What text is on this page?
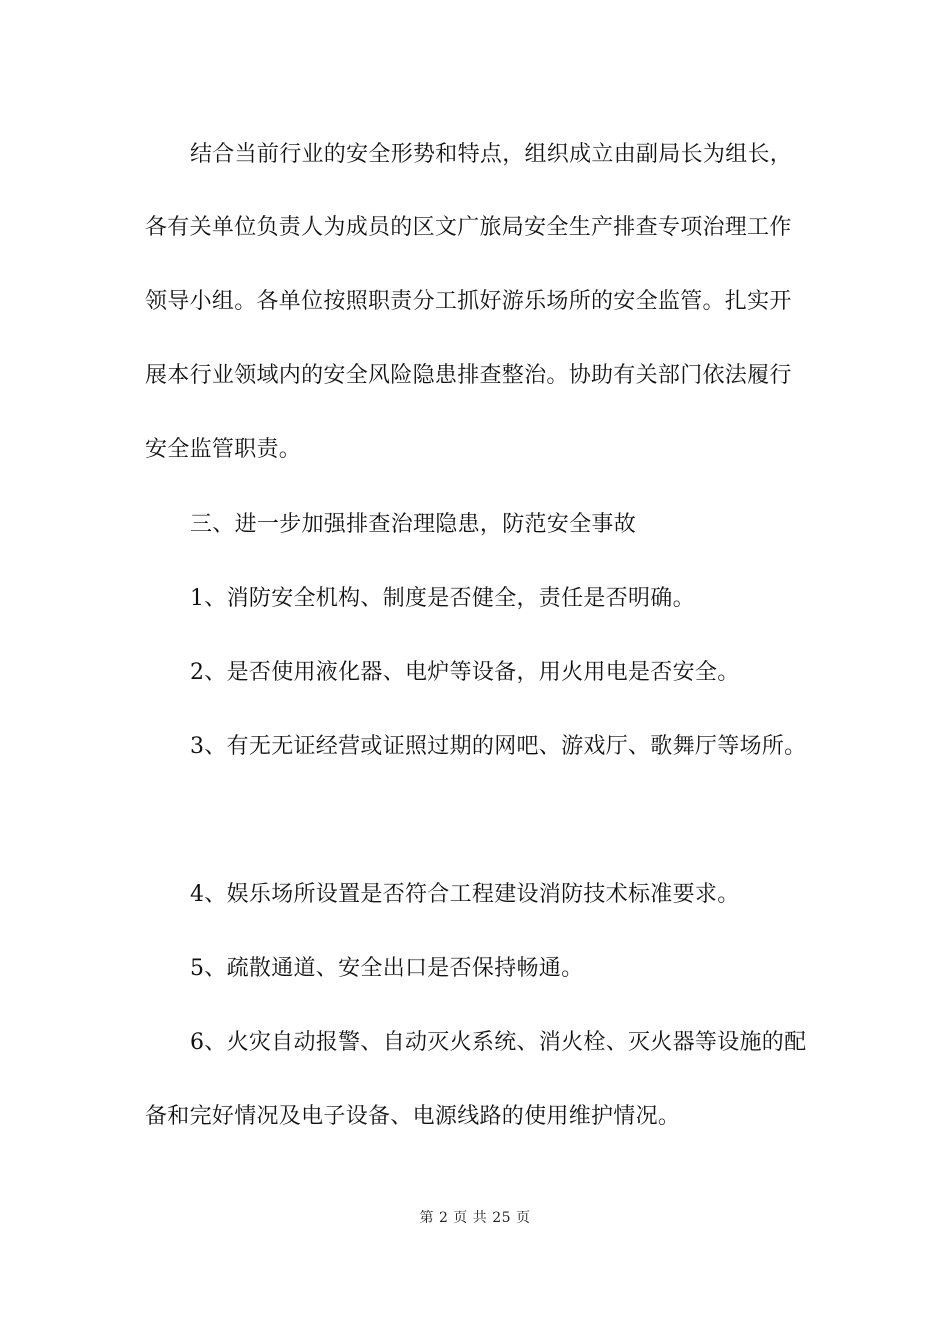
结合当前行业的安全形势和特点，组织成立由副局长为组长，
各有关单位负责人为成员的区文广旅局安全生产排查专项治理工作
领导小组。各单位按照职责分工抓好游乐场所的安全监管。扎实开
展本行业领域内的安全风险隐患排查整治。协助有关部门依法履行
安全监管职责。
三、进一步加强排查治理隐患，防范安全事故
1、消防安全机构、制度是否健全，责任是否明确。
2、是否使用液化器、电炉等设备，用火用电是否安全。
3、有无无证经营或证照过期的网吧、游戏厅、歌舞厅等场所。
4、娱乐场所设置是否符合工程建设消防技术标准要求。
5、疏散通道、安全出口是否保持畅通。
6、火灾自动报警、自动灭火系统、消火栓、灭火器等设施的配
备和完好情况及电子设备、电源线路的使用维护情况。
第 2 页 共 25 页
